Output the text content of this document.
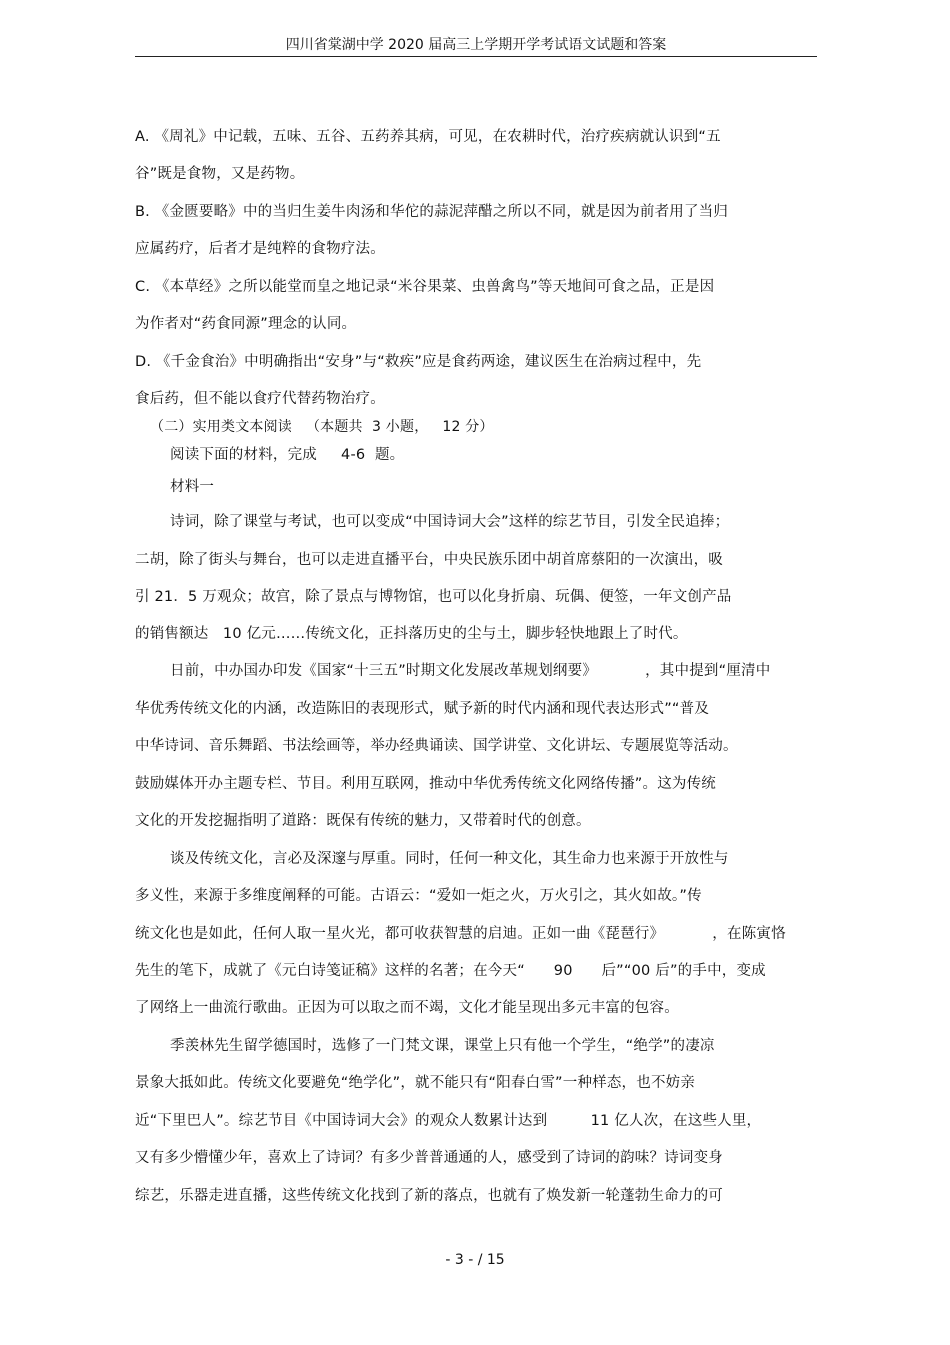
四川省棠湖中学 2020 届高三上学期开学考试语文试题和答案
A. 《周礼》中记载，五味、五谷、五药养其病，可见，在农耕时代，治疗疾病就认识到“五
谷”既是食物，又是药物。
B. 《金匮要略》中的当归生姜牛肉汤和华佗的蒜泥萍醋之所以不同，就是因为前者用了当归
应属药疗，后者才是纯粹的食物疗法。
C. 《本草经》之所以能堂而皇之地记录“米谷果菜、虫兽禽鸟”等天地间可食之品，正是因
为作者对“药食同源”理念的认同。
D. 《千金食治》中明确指出“安身”与“救疾”应是食药两途，建议医生在治病过程中，先
食后药，但不能以食疗代替药物治疗。
（二）实用类文本阅读   （本题共  3 小题，   12 分）
阅读下面的材料，完成     4-6  题。
材料一
诗词，除了课堂与考试，也可以变成“中国诗词大会”这样的综艺节目，引发全民追捧；
二胡，除了街头与舞台，也可以走进直播平台，中央民族乐团中胡首席蔡阳的一次演出，吸
引 21．5 万观众；故宫，除了景点与博物馆，也可以化身折扇、玩偶、便签，一年文创产品
的销售额达   10 亿元……传统文化，正抖落历史的尘与土，脚步轻快地跟上了时代。
日前，中办国办印发《国家“十三五”时期文化发展改革规划纲要》          ，其中提到“厘清中
华优秀传统文化的内涵，改造陈旧的表现形式，赋予新的时代内涵和现代表达形式”“普及
中华诗词、音乐舞蹈、书法绘画等，举办经典诵读、国学讲堂、文化讲坛、专题展览等活动。
鼓励媒体开办主题专栏、节目。利用互联网，推动中华优秀传统文化网络传播”。这为传统
文化的开发挖掘指明了道路：既保有传统的魅力，又带着时代的创意。
谈及传统文化，言必及深邃与厚重。同时，任何一种文化，其生命力也来源于开放性与
多义性，来源于多维度阐释的可能。古语云：“爱如一炬之火，万火引之，其火如故。”传
统文化也是如此，任何人取一星火光，都可收获智慧的启迪。正如一曲《琵琶行》          ，在陈寅恪
先生的笔下，成就了《元白诗笺证稿》这样的名著；在今天“      90      后”“00 后”的手中，变成
了网络上一曲流行歌曲。正因为可以取之而不竭，文化才能呈现出多元丰富的包容。
季羡林先生留学德国时，选修了一门梵文课，课堂上只有他一个学生，“绝学”的凄凉
景象大抵如此。传统文化要避免“绝学化”，就不能只有“阳春白雪”一种样态，也不妨亲
近“下里巴人”。综艺节目《中国诗词大会》的观众人数累计达到         11 亿人次，在这些人里，
又有多少懵懂少年，喜欢上了诗词？有多少普普通通的人，感受到了诗词的韵味？诗词变身
综艺，乐器走进直播，这些传统文化找到了新的落点，也就有了焕发新一轮蓬勃生命力的可
- 3 - / 15
